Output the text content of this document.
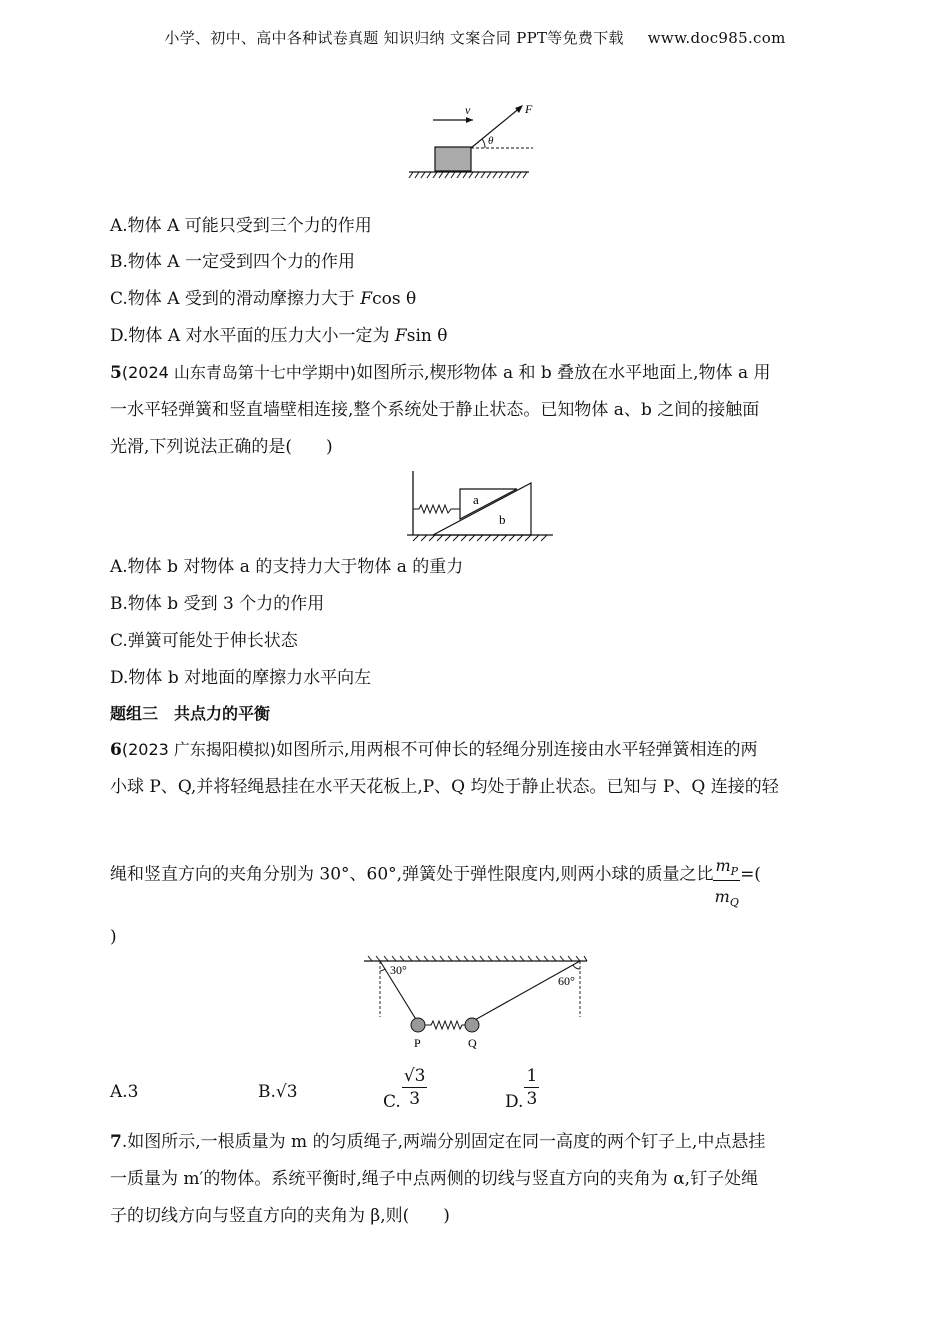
小学、初中、高中各种试卷真题 知识归纳 文案合同 PPT等免费下载 www.doc985.com
v	F
θ
A.物体 A 可能只受到三个力的作用
B.物体 A 一定受到四个力的作用
C.物体 A 受到的滑动摩擦力大于 Fcos θ
D.物体 A 对水平面的压力大小一定为 Fsin θ
5(2024 山东青岛第十七中学期中)如图所示,楔形物体 a 和 b 叠放在水平地面上,物体 a 用
一水平轻弹簧和竖直墙壁相连接,整个系统处于静止状态。已知物体 a、b 之间的接触面
光滑,下列说法正确的是(　　)
a
b
A.物体 b 对物体 a 的支持力大于物体 a 的重力
B.物体 b 受到 3 个力的作用
C.弹簧可能处于伸长状态
D.物体 b 对地面的摩擦力水平向左
题组三　共点力的平衡
6(2023 广东揭阳模拟)如图所示,用两根不可伸长的轻绳分别连接由水平轻弹簧相连的两
小球 P、Q,并将轻绳悬挂在水平天花板上,P、Q 均处于静止状态。已知与 P、Q 连接的轻
绳和竖直方向的夹角分别为 30°、60°,弹簧处于弹性限度内,则两小球的质量之比 $\frac{m_P}{m_Q}$ =(
)
30°
60°
P	Q
A.3	B.√3	C. $\frac{√3}{3}$	D. $\frac{1}{3}$
7.如图所示,一根质量为 m 的匀质绳子,两端分别固定在同一高度的两个钉子上,中点悬挂
一质量为 m′的物体。系统平衡时,绳子中点两侧的切线与竖直方向的夹角为 α,钉子处绳
子的切线方向与竖直方向的夹角为 β,则(　　)
